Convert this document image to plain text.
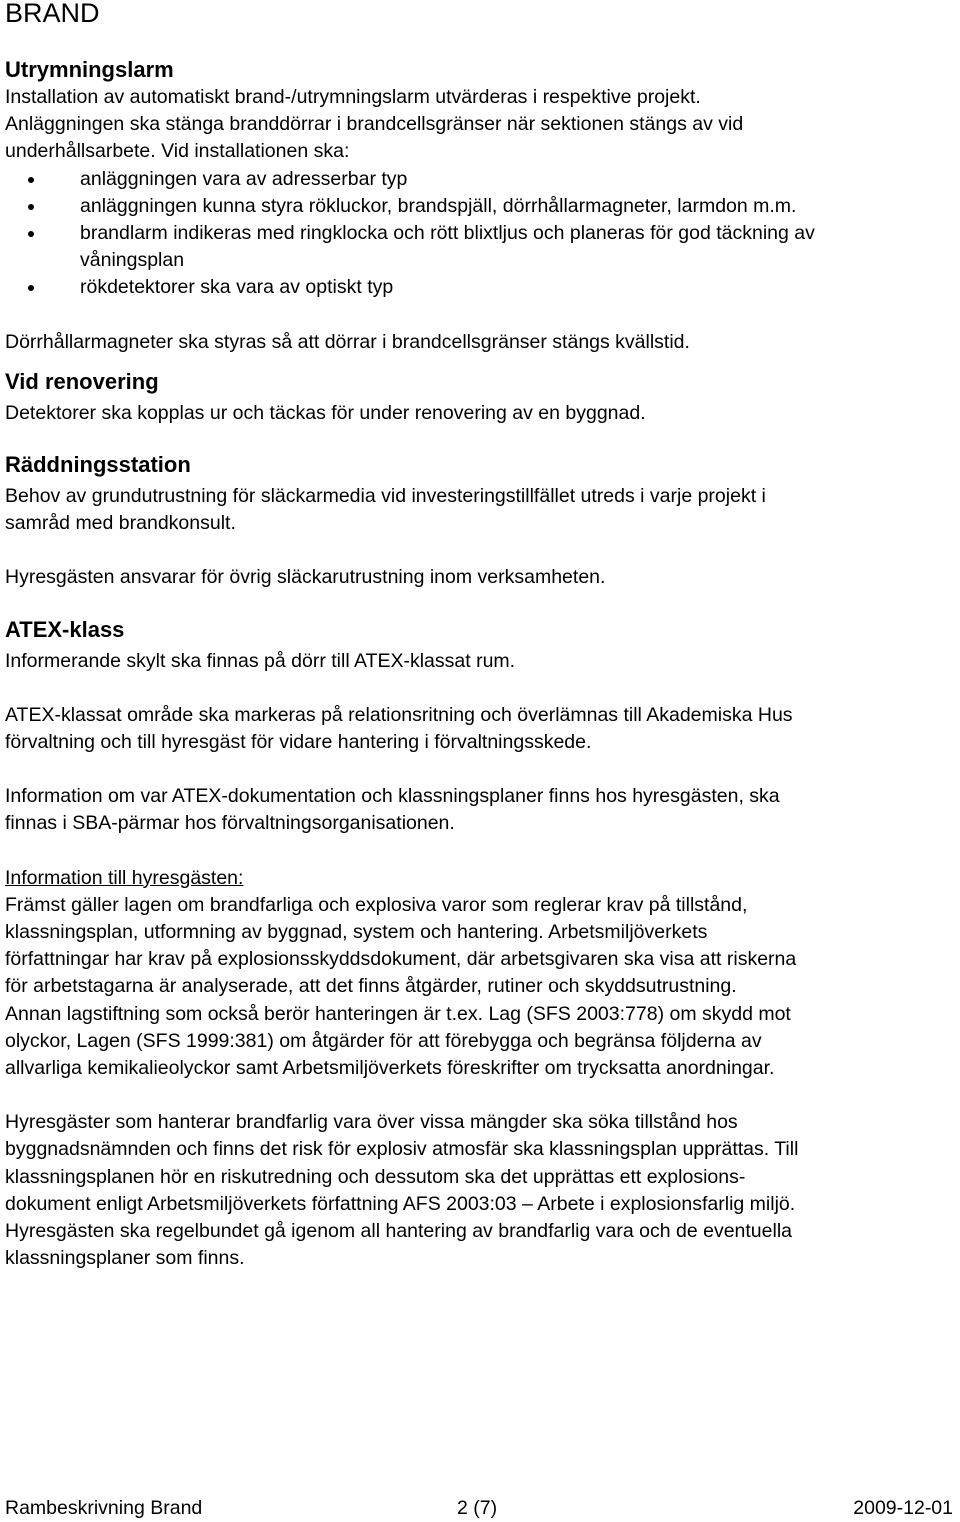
BRAND
Utrymningslarm

Installation av automatiskt brand-/utrymningslarm utvärderas i respektive projekt.

Anläggningen ska stänga branddörrar i brandcellsgränser när sektionen stängs av vid

underhållsarbete. Vid installationen ska:

anläggningen vara av adresserbar typ
anläggningen kunna styra rökluckor, brandspjäll, dörrhållarmagneter, larmdon m.m.
brandlarm indikeras med ringklocka och rött blixtljus och planeras för god täckning av
våningsplan
rökdetektorer ska vara av optiskt typ

Dörrhållarmagneter ska styras så att dörrar i brandcellsgränser stängs kvällstid.

Vid renovering

Detektorer ska kopplas ur och täckas för under renovering av en byggnad.

Räddningsstation

Behov av grundutrustning för släckarmedia vid investeringstillfället utreds i varje projekt i

samråd med brandkonsult.

Hyresgästen ansvarar för övrig släckarutrustning inom verksamheten.

ATEX-klass

Informerande skylt ska finnas på dörr till ATEX-klassat rum.

ATEX-klassat område ska markeras på relationsritning och överlämnas till Akademiska Hus

förvaltning och till hyresgäst för vidare hantering i förvaltningsskede.

Information om var ATEX-dokumentation och klassningsplaner finns hos hyresgästen, ska

finnas i SBA-pärmar hos förvaltningsorganisationen.

Information till hyresgästen:

Främst gäller lagen om brandfarliga och explosiva varor som reglerar krav på tillstånd,

klassningsplan, utformning av byggnad, system och hantering. Arbetsmiljöverkets

författningar har krav på explosionsskyddsdokument, där arbetsgivaren ska visa att riskerna

för arbetstagarna är analyserade, att det finns åtgärder, rutiner och skyddsutrustning.

Annan lagstiftning som också berör hanteringen är t.ex. Lag (SFS 2003:778) om skydd mot

olyckor, Lagen (SFS 1999:381) om åtgärder för att förebygga och begränsa följderna av

allvarliga kemikalieolyckor samt Arbetsmiljöverkets föreskrifter om trycksatta anordningar.

Hyresgäster som hanterar brandfarlig vara över vissa mängder ska söka tillstånd hos

byggnadsnämnden och finns det risk för explosiv atmosfär ska klassningsplan upprättas. Till

klassningsplanen hör en riskutredning och dessutom ska det upprättas ett explosions-

dokument enligt Arbetsmiljöverkets författning AFS 2003:03 – Arbete i explosionsfarlig miljö.

Hyresgästen ska regelbundet gå igenom all hantering av brandfarlig vara och de eventuella

klassningsplaner som finns.

Rambeskrivning Brand	2 (7)	2009-12-01
